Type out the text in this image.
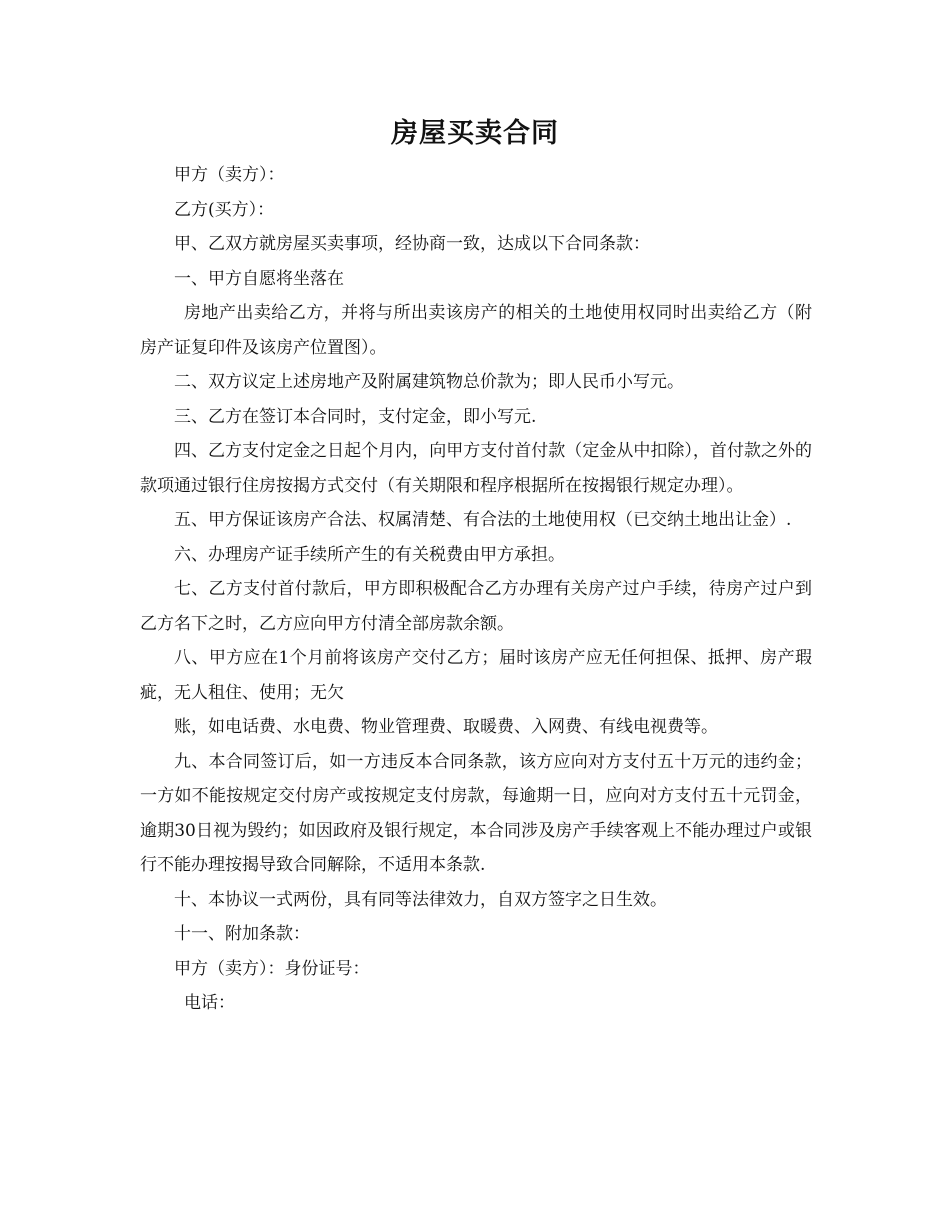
房屋买卖合同

甲方（卖方）：

乙方(买方）：

甲、乙双方就房屋买卖事项，经协商一致，达成以下合同条款：

一、甲方自愿将坐落在

房地产出卖给乙方，并将与所出卖该房产的相关的土地使用权同时出卖给乙方（附房产证复印件及该房产位置图）。

二、双方议定上述房地产及附属建筑物总价款为；即人民币小写元。

三、乙方在签订本合同时，支付定金，即小写元.

四、乙方支付定金之日起个月内，向甲方支付首付款（定金从中扣除），首付款之外的款项通过银行住房按揭方式交付（有关期限和程序根据所在按揭银行规定办理）。

五、甲方保证该房产合法、权属清楚、有合法的土地使用权（已交纳土地出让金）.

六、办理房产证手续所产生的有关税费由甲方承担。

七、乙方支付首付款后，甲方即积极配合乙方办理有关房产过户手续，待房产过户到乙方名下之时，乙方应向甲方付清全部房款余额。

八、甲方应在1个月前将该房产交付乙方；届时该房产应无任何担保、抵押、房产瑕疵，无人租住、使用；无欠

账，如电话费、水电费、物业管理费、取暖费、入网费、有线电视费等。

九、本合同签订后，如一方违反本合同条款，该方应向对方支付五十万元的违约金；一方如不能按规定交付房产或按规定支付房款，每逾期一日，应向对方支付五十元罚金，逾期30日视为毁约；如因政府及银行规定，本合同涉及房产手续客观上不能办理过户或银行不能办理按揭导致合同解除，不适用本条款.

十、本协议一式两份，具有同等法律效力，自双方签字之日生效。

十一、附加条款：

甲方（卖方）：身份证号：

电话：
